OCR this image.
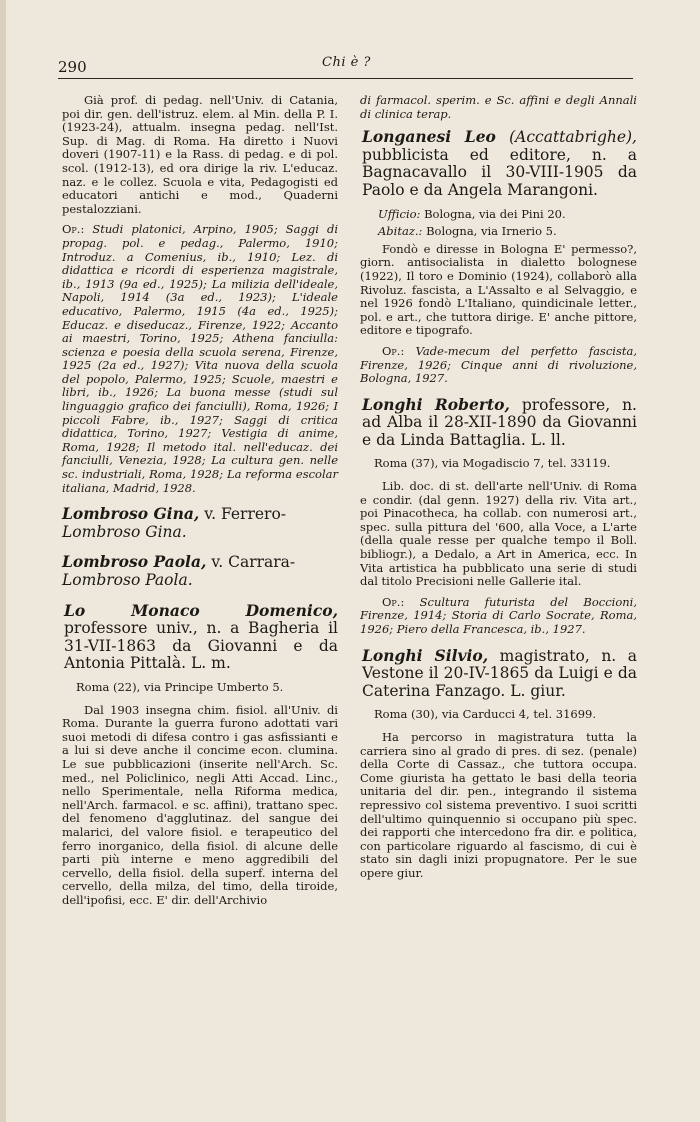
290	Chi è ?

Già prof. di pedag. nell'Univ. di Catania, poi dir. gen. dell'istruz. elem. al Min. della P. I. (1923-24), attualm. insegna pedag. nell'Ist. Sup. di Mag. di Roma. Ha diretto i Nuovi doveri (1907-11) e la Rass. di pedag. e di pol. scol. (1912-13), ed ora dirige la riv. L'educaz. naz. e le collez. Scuola e vita, Pedagogisti ed educatori antichi e mod., Quaderni pestalozziani.

Op.: Studi platonici, Arpino, 1905; Saggi di propag. pol. e pedag., Palermo, 1910; Introduz. a Comenius, ib., 1910; Lez. di didattica e ricordi di esperienza magistrale, ib., 1913 (9a ed., 1925); La milizia dell'ideale, Napoli, 1914 (3a ed., 1923); L'ideale educativo, Palermo, 1915 (4a ed., 1925); Educaz. e diseducaz., Firenze, 1922; Accanto ai maestri, Torino, 1925; Athena fanciulla: scienza e poesia della scuola serena, Firenze, 1925 (2a ed., 1927); Vita nuova della scuola del popolo, Palermo, 1925; Scuole, maestri e libri, ib., 1926; La buona messe (studi sul linguaggio grafico dei fanciulli), Roma, 1926; I piccoli Fabre, ib., 1927; Saggi di critica didattica, Torino, 1927; Vestigia di anime, Roma, 1928; Il metodo ital. nell'educaz. dei fanciulli, Venezia, 1928; La cultura gen. nelle sc. industriali, Roma, 1928; La reforma escolar italiana, Madrid, 1928.

Lombroso Gina, v. Ferrero-
Lombroso Gina.

Lombroso Paola, v. Carrara-
Lombroso Paola.

Lo Monaco Domenico, professore univ., n. a Bagheria il 31-VII-1863 da Giovanni e da Antonia Pittalà. L. m.

Roma (22), via Principe Umberto 5.

Dal 1903 insegna chim. fisiol. all'Univ. di Roma. Durante la guerra furono adottati vari suoi metodi di difesa contro i gas asfissianti e a lui si deve anche il concime econ. clumina. Le sue pubblicazioni (inserite nell'Arch. Sc. med., nel Policlinico, negli Atti Accad. Linc., nello Sperimentale, nella Riforma medica, nell'Arch. farmacol. e sc. affini), trattano spec. del fenomeno d'agglutinaz. del sangue dei malarici, del valore fisiol. e terapeutico del ferro inorganico, della fisiol. di alcune delle parti più interne e meno aggredibili del cervello, della fisiol. della superf. interna del cervello, della milza, del timo, della tiroide, dell'ipofisi, ecc. E' dir. dell'Archivio

di farmacol. sperim. e Sc. affini e degli Annali di clinica terap.

Longanesi Leo (Accattabrighe), pubblicista ed editore, n. a Bagnacavallo il 30-VIII-1905 da Paolo e da Angela Marangoni.

Ufficio: Bologna, via dei Pini 20.

Abitaz.: Bologna, via Irnerio 5.

Fondò e diresse in Bologna E' permesso?, giorn. antisocialista in dialetto bolognese (1922), Il toro e Dominio (1924), collaborò alla Rivoluz. fascista, a L'Assalto e al Selvaggio, e nel 1926 fondò L'Italiano, quindicinale letter., pol. e art., che tuttora dirige. E' anche pittore, editore e tipografo.

Op.: Vade-mecum del perfetto fascista, Firenze, 1926; Cinque anni di rivoluzione, Bologna, 1927.

Longhi Roberto, professore, n. ad Alba il 28-XII-1890 da Giovanni e da Linda Battaglia. L. ll.

Roma (37), via Mogadiscio 7, tel. 33119.

Lib. doc. di st. dell'arte nell'Univ. di Roma e condir. (dal genn. 1927) della riv. Vita art., poi Pinacotheca, ha collab. con numerosi art., spec. sulla pittura del '600, alla Voce, a L'arte (della quale resse per qualche tempo il Boll. bibliogr.), a Dedalo, a Art in America, ecc. In Vita artistica ha pubblicato una serie di studi dal titolo Precisioni nelle Gallerie ital.

Op.: Scultura futurista del Boccioni, Firenze, 1914; Storia di Carlo Socrate, Roma, 1926; Piero della Francesca, ib., 1927.

Longhi Silvio, magistrato, n. a Vestone il 20-IV-1865 da Luigi e da Caterina Fanzago. L. giur.

Roma (30), via Carducci 4, tel. 31699.

Ha percorso in magistratura tutta la carriera sino al grado di pres. di sez. (penale) della Corte di Cassaz., che tuttora occupa. Come giurista ha gettato le basi della teoria unitaria del dir. pen., integrando il sistema repressivo col sistema preventivo. I suoi scritti dell'ultimo quinquennio si occupano più spec. dei rapporti che intercedono fra dir. e politica, con particolare riguardo al fascismo, di cui è stato sin dagli inizi propugnatore. Per le sue opere giur.
